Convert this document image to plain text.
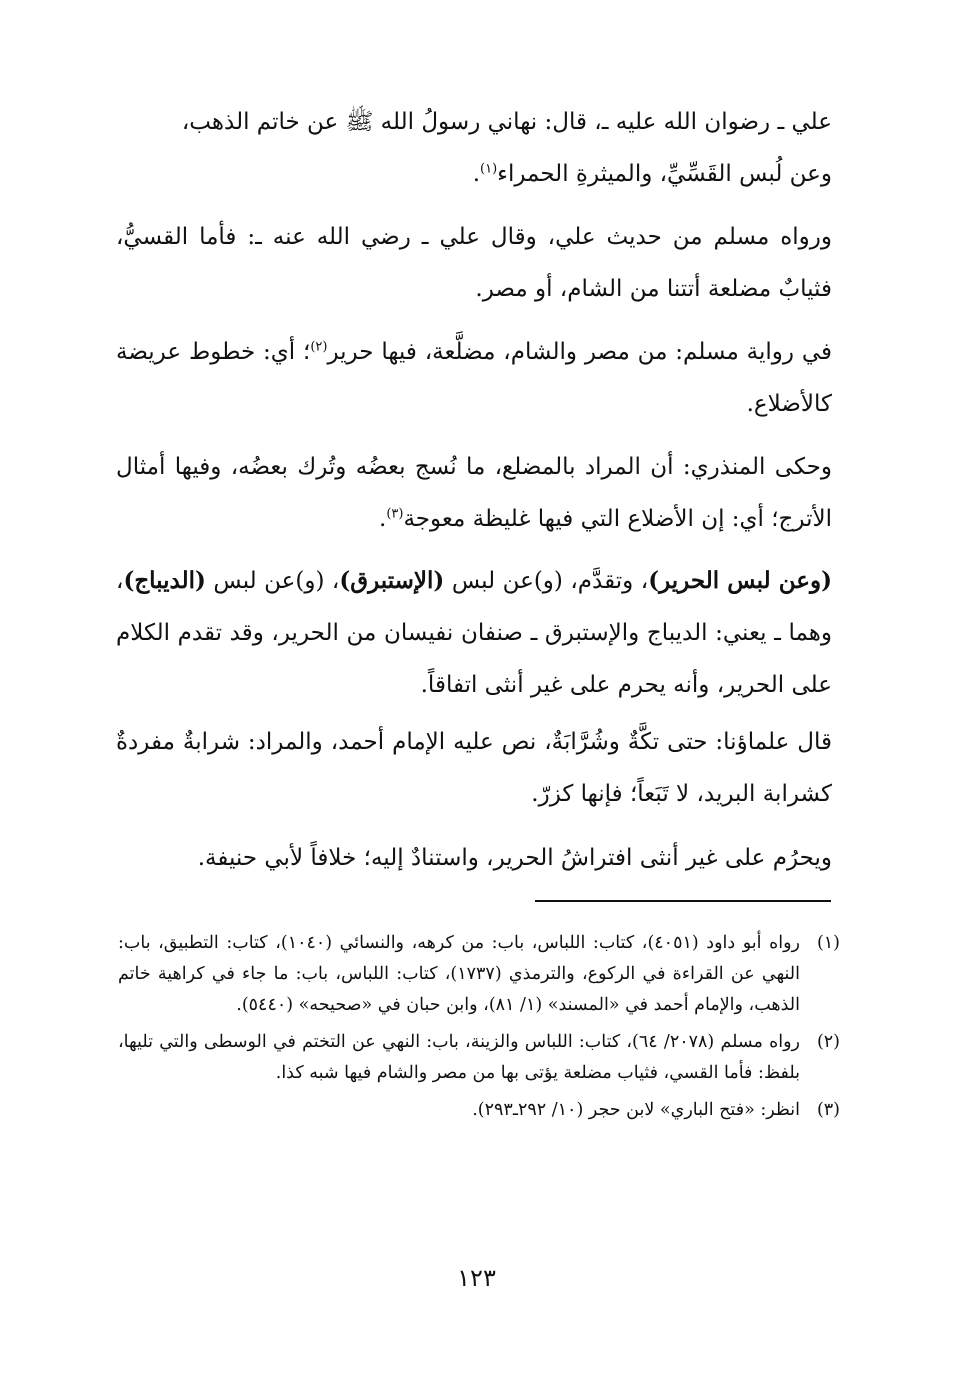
علي ـ رضوان الله عليه ـ، قال: نهاني رسولُ الله ﷺ عن خاتم الذهب،

وعن لُبس القَسِّيِّ، والميثرةِ الحمراء$^{(١)}$.

ورواه مسلم من حديث علي، وقال علي ـ رضي الله عنه ـ: فأما القسيُّ، فثيابٌ مضلعة أتتنا من الشام، أو مصر.

في رواية مسلم: من مصر والشام، مضلَّعة، فيها حرير$^{(٢)}$؛ أي: خطوط عريضة كالأضلاع.

وحكى المنذري: أن المراد بالمضلع، ما نُسج بعضُه وتُرك بعضُه، وفيها أمثال الأترج؛ أي: إن الأضلاع التي فيها غليظة معوجة$^{(٣)}$.

(وعن لبس الحرير)، وتقدَّم، (و)عن لبس (الإستبرق)، (و)عن لبس (الديباج)، وهما ـ يعني: الديباج والإستبرق ـ صنفان نفيسان من الحرير، وقد تقدم الكلام على الحرير، وأنه يحرم على غير أنثى اتفاقاً.

قال علماؤنا: حتى تكَّةٌ وشُرَّابَةٌ، نص عليه الإمام أحمد، والمراد: شرابةٌ مفردةٌ كشرابة البريد، لا تَبَعاً؛ فإنها كزرّ.

ويحرُم على غير أنثى افتراشُ الحرير، واستنادٌ إليه؛ خلافاً لأبي حنيفة.

(١)
رواه أبو داود (٤٠٥١)، كتاب: اللباس، باب: من كرهه، والنسائي (١٠٤٠)، كتاب: التطبيق، باب: النهي عن القراءة في الركوع، والترمذي (١٧٣٧)، كتاب: اللباس، باب: ما جاء في كراهية خاتم الذهب، والإمام أحمد في «المسند» (١/ ٨١)، وابن حبان في «صحيحه» (٥٤٤٠).
(٢)
رواه مسلم (٢٠٧٨/ ٦٤)، كتاب: اللباس والزينة، باب: النهي عن التختم في الوسطى والتي تليها، بلفظ: فأما القسي، فثياب مضلعة يؤتى بها من مصر والشام فيها شبه كذا.
(٣)
انظر: «فتح الباري» لابن حجر (١٠/ ٢٩٢ـ٢٩٣).
١٢٣
